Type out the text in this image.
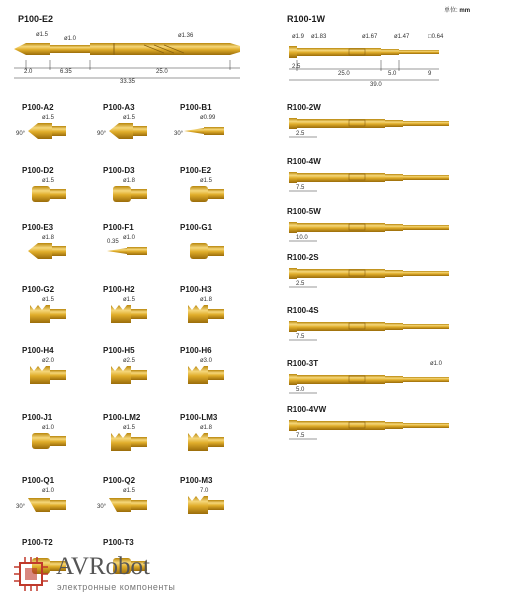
单位: mm
P100-E2
ø1.5
ø1.0	ø1.36
2.0	6.35	25.0
33.35
P100-A2
ø1.5
90°
P100-A3
ø1.5
90°
P100-B1
ø0.99
30°
P100-D2
ø1.5
P100-D3
ø1.8
P100-E2
ø1.5
P100-E3
ø1.8
P100-F1
ø1.0
0.35
P100-G1
P100-G2
ø1.5
P100-H2
ø1.5
P100-H3
ø1.8
P100-H4
ø2.0
P100-H5
ø2.5
P100-H6
ø3.0
P100-J1
ø1.0
P100-LM2
ø1.5
P100-LM3
ø1.8
P100-Q1
ø1.0
30°
P100-Q2
ø1.5
30°
P100-M3
7.0
P100-T2	P100-T3
R100-1W
ø1.9 ø1.83	ø1.67	ø1.47	□0.64
2.5
25.0	5.0	9
39.0
R100-2W
2.5
R100-4W
7.5
R100-5W
10.0
R100-2S
2.5
R100-4S
7.5
R100-3T
5.0
ø1.0
R100-4VW
7.5
AVRobot
электронные компоненты
